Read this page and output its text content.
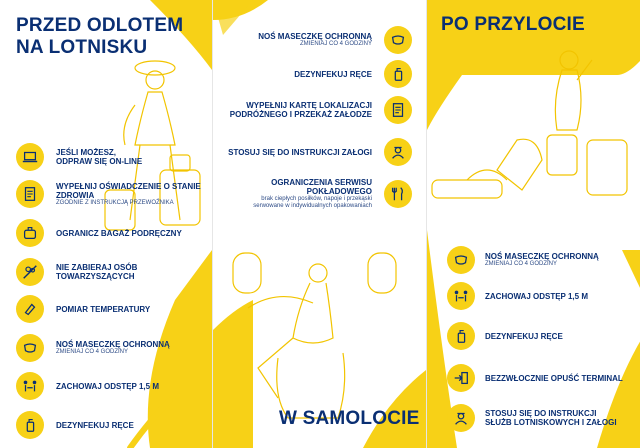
PRZED ODLOTEM
NA LOTNISKU
JEŚLI MOŻESZ,
ODPRAW SIĘ ON-LINE
WYPEŁNIJ OŚWIADCZENIE O STANIE
ZDROWIA
ZGODNIE Z INSTRUKCJĄ PRZEWOŹNIKA
OGRANICZ BAGAŻ PODRĘCZNY
NIE ZABIERAJ OSÓB
TOWARZYSZĄCYCH
POMIAR TEMPERATURY
NOŚ MASECZKĘ OCHRONNĄ
ZMIENIAJ CO 4 GODZINY
ZACHOWAJ ODSTĘP 1,5 M
DEZYNFEKUJ RĘCE
NOŚ MASECZKĘ OCHRONNĄ
ZMIENIAJ CO 4 GODZINY
DEZYNFEKUJ RĘCE
WYPEŁNIJ KARTĘ LOKALIZACJI
PODRÓŻNEGO I PRZEKAŻ ZAŁODZE
STOSUJ SIĘ DO INSTRUKCJI ZAŁOGI
OGRANICZENIA SERWISU
POKŁADOWEGO
brak ciepłych posiłków, napoje i przekąski
serwowane w indywidualnych opakowaniach
W SAMOLOCIE
PO PRZYLOCIE
NOŚ MASECZKĘ OCHRONNĄ
ZMIENIAJ CO 4 GODZINY
ZACHOWAJ ODSTĘP 1,5 M
DEZYNFEKUJ RĘCE
BEZZWŁOCZNIE OPUŚĆ TERMINAL
STOSUJ SIĘ DO INSTRUKCJI
SŁUŻB LOTNISKOWYCH I ZAŁOGI
